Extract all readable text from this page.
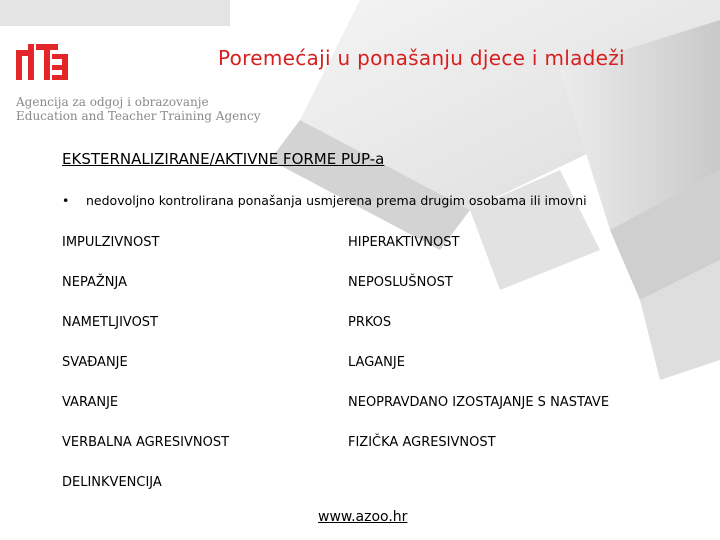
Agencija za odgoj i obrazovanje
Education and Teacher Training Agency
Poremećaji u ponašanju djece i mladeži
EKSTERNALIZIRANE/AKTIVNE FORME PUP-a
• nedovoljno kontrolirana ponašanja usmjerena prema drugim osobama ili imovni
IMPULZIVNOST
NEPAŽNJA
NAMETLJIVOST
SVAĐANJE
VARANJE
VERBALNA AGRESIVNOST
DELINKVENCIJA
HIPERAKTIVNOST
NEPOSLUŠNOST
PRKOS
LAGANJE
NEOPRAVDANO IZOSTAJANJE S NASTAVE
FIZIČKA AGRESIVNOST
www.azoo.hr
